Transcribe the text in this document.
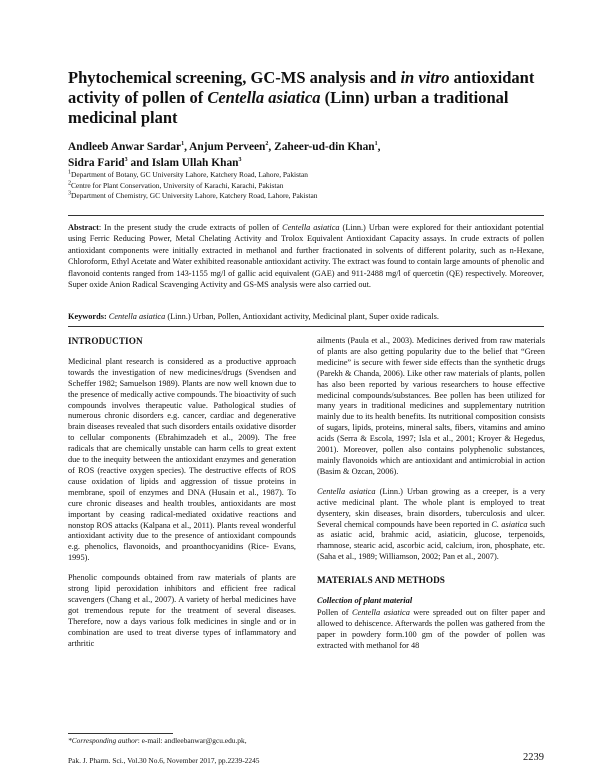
Phytochemical screening, GC-MS analysis and in vitro antioxidant activity of pollen of Centella asiatica (Linn) urban a traditional medicinal plant
Andleeb Anwar Sardar$^1$, Anjum Perveen$^2$, Zaheer-ud-din Khan$^1$,
Sidra Farid$^3$ and Islam Ullah Khan$^3$
$^1$Department of Botany, GC University Lahore, Katchery Road, Lahore, Pakistan
$^2$Centre for Plant Conservation, University of Karachi, Karachi, Pakistan
$^3$Department of Chemistry, GC University Lahore, Katchery Road, Lahore, Pakistan
Abstract: In the present study the crude extracts of pollen of Centella asiatica (Linn.) Urban were explored for their antioxidant potential using Ferric Reducing Power, Metal Chelating Activity and Trolox Equivalent Antioxidant Capacity assays. In crude extracts of pollen antioxidant components were initially extracted in methanol and further fractionated in solvents of different polarity, such as n-Hexane, Chloroform, Ethyl Acetate and Water exhibited reasonable antioxidant activity. The extract was found to contain large amounts of phenolic and flavonoid contents ranged from 143-1155 mg/l of gallic acid equivalent (GAE) and 911-2488 mg/l of quercetin (QE) respectively. Moreover, Super oxide Anion Radical Scavenging Activity and GS-MS analysis were also carried out.
Keywords: Centella asiatica (Linn.) Urban, Pollen, Antioxidant activity, Medicinal plant, Super oxide radicals.
INTRODUCTION

Medicinal plant research is considered as a productive approach towards the investigation of new medicines/drugs (Svendsen and Scheffer 1982; Samuelson 1989). Plants are now well known due to the presence of medically active compounds. The bioactivity of such compounds involves therapeutic value. Pathological studies of numerous chronic disorders e.g. cancer, cardiac and degenerative brain diseases revealed that such disorders entails oxidative disorder to cellular components (Ebrahimzadeh et al., 2009). The free radicals that are chemically unstable can harm cells to great extent due to the inequity between the antioxidant enzymes and generation of ROS (reactive oxygen species). The destructive effects of ROS cause oxidation of lipids and aggression of tissue proteins in membrane, spoil of enzymes and DNA (Husain et al., 1987). To cure chronic diseases and health troubles, antioxidants are most important by ceasing radical-mediated oxidative reactions and nonstop ROS attacks (Kalpana et al., 2011). Plants reveal wonderful antioxidant activity due to the presence of antioxidant compounds e.g. phenolics, flavonoids, and proanthocyanidins (Rice- Evans, 1995).

Phenolic compounds obtained from raw materials of plants are strong lipid peroxidation inhibitors and efficient free radical scavengers (Chang et al., 2007). A variety of herbal medicines have got tremendous repute for the treatment of several diseases. Therefore, now a days various folk medicines in single and or in combination are used to treat diverse types of inflammatory and arthritic

ailments (Paula et al., 2003). Medicines derived from raw materials of plants are also getting popularity due to the belief that “Green medicine” is secure with fewer side effects than the synthetic drugs (Parekh & Chanda, 2006). Like other raw materials of plants, pollen has also been reported by various researchers to house effective medicinal compounds/substances. Bee pollen has been utilized for many years in traditional medicines and supplementary nutrition mainly due to its health benefits. Its nutritional composition consists of sugars, lipids, proteins, mineral salts, fibers, vitamins and amino acids (Serra & Escola, 1997; Isla et al., 2001; Kroyer & Hegedus, 2001). Moreover, pollen also contains polyphenolic substances, mainly flavonoids which are antioxidant and antimicrobial in action (Basim & Ozcan, 2006).

Centella asiatica (Linn.) Urban growing as a creeper, is a very active medicinal plant. The whole plant is employed to treat dysentery, skin diseases, brain disorders, tuberculosis and ulcer. Several chemical compounds have been reported in C. asiatica such as asiatic acid, brahmic acid, asiaticin, glucose, terpenoids, rhamnose, stearic acid, ascorbic acid, calcium, iron, phosphate, etc. (Saha et al., 1989; Williamson, 2002; Pan et al., 2007).

MATERIALS AND METHODS
Collection of plant material

Pollen of Centella asiatica were spreaded out on filter paper and allowed to dehiscence. Afterwards the pollen was gathered from the paper in powdery form.100 gm of the powder of pollen was extracted with methanol for 48

*Corresponding author: e-mail: andleebanwar@gcu.edu.pk,
Pak. J. Pharm. Sci., Vol.30 No.6, November 2017, pp.2239-2245	2239
